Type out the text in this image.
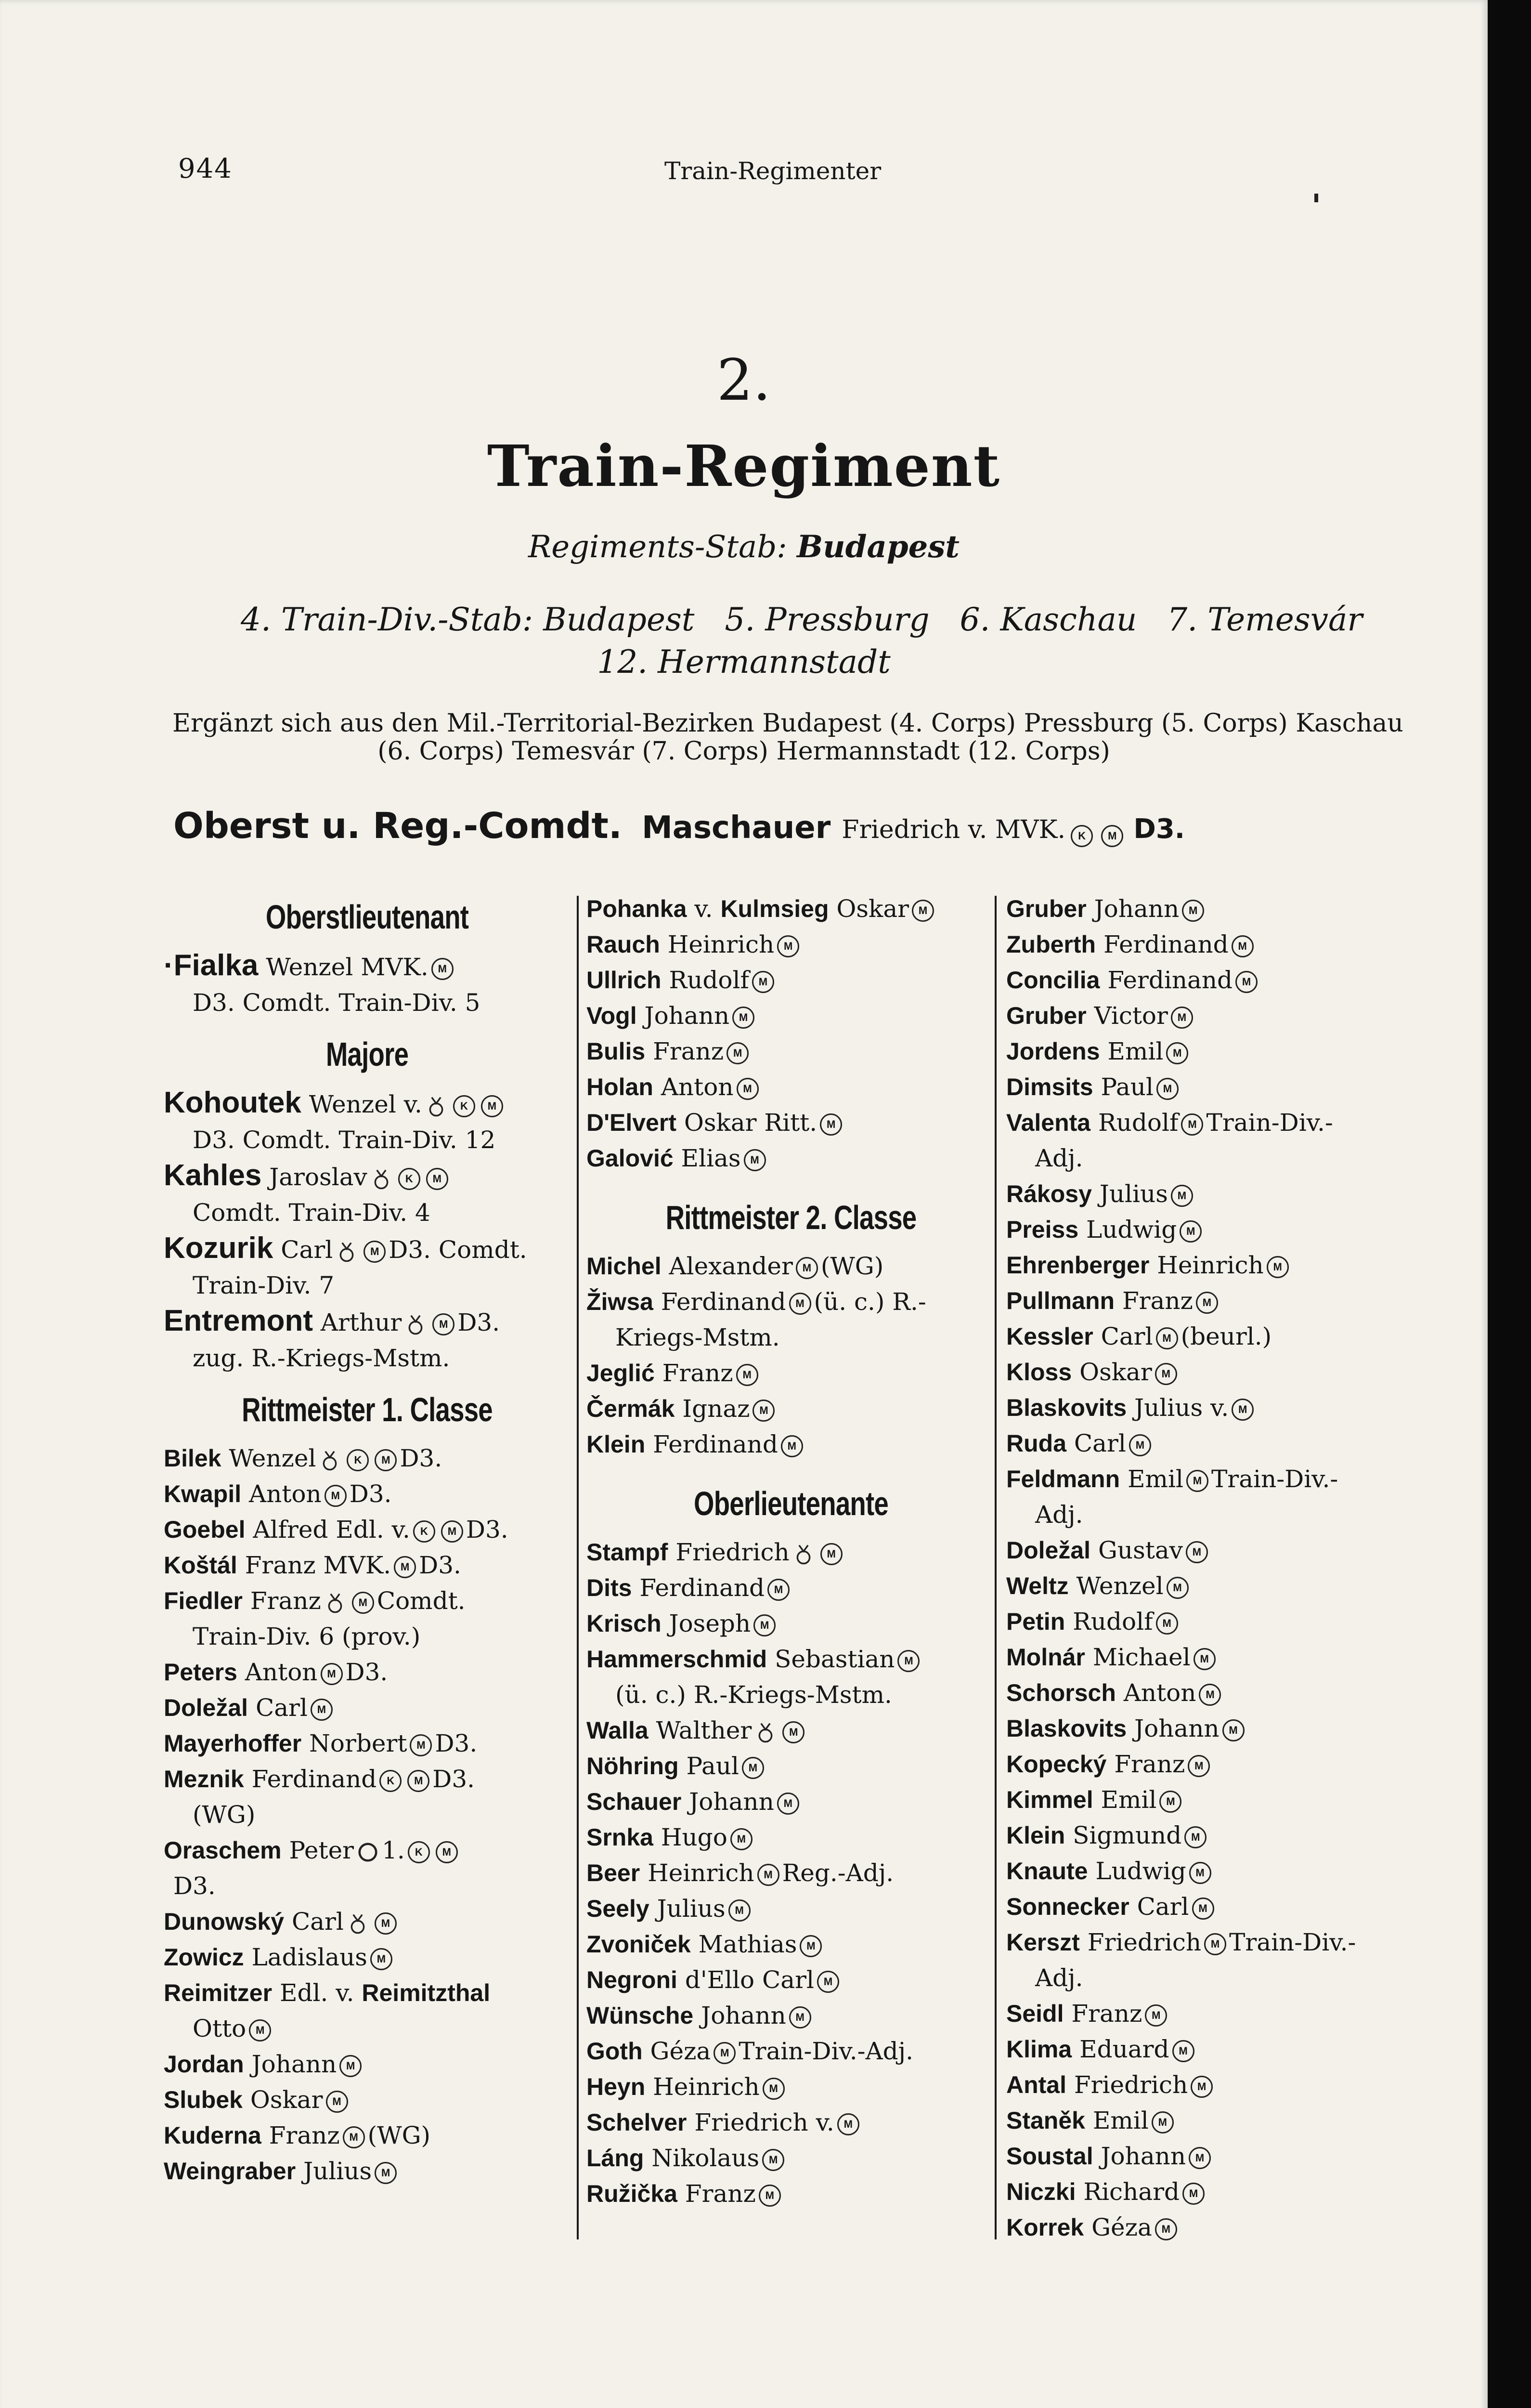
944	Train-Regimenter
2.
Train-Regiment
Regiments-Stab: Budapest
4. Train-Div.-Stab: Budapest   5. Pressburg   6. Kaschau   7. Temesvár
12. Hermannstadt
Ergänzt sich aus den Mil.-Territorial-Bezirken Budapest (4. Corps) Pressburg (5. Corps) Kaschau
(6. Corps) Temesvár (7. Corps) Hermannstadt (12. Corps)
Oberst u. Reg.-Comdt. Maschauer Friedrich v. MVK. K M D3.
Oberstlieutenant
·Fialka Wenzel MVK. M
D3. Comdt. Train-Div. 5
Majore
Kohoutek Wenzel v.	K M
D3. Comdt. Train-Div. 12
Kahles Jaroslav	K M
Comdt. Train-Div. 4
Kozurik Carl	M D3. Comdt.
Train-Div. 7
Entremont Arthur	M D3.
zug. R.-Kriegs-Mstm.
Rittmeister 1. Classe
Bilek Wenzel	K M D3.
Kwapil Anton M D3.
Goebel Alfred Edl. v. K M D3.
Koštál Franz MVK. M D3.
Fiedler Franz	M Comdt.
Train-Div. 6 (prov.)
Peters Anton M D3.
Doležal Carl M
Mayerhoffer Norbert M D3.
Meznik Ferdinand K M D3.
(WG)
Oraschem Peter 1. K M
D3.
Dunowský Carl	M
Zowicz Ladislaus M
Reimitzer Edl. v. Reimitzthal
Otto M
Jordan Johann M
Slubek Oskar M
Kuderna Franz M (WG)
Weingraber Julius M
Pohanka v. Kulmsieg Oskar M
Rauch Heinrich M
Ullrich Rudolf M
Vogl Johann M
Bulis Franz M
Holan Anton M
D'Elvert Oskar Ritt. M
Galović Elias M
Rittmeister 2. Classe
Michel Alexander M (WG)
Žiwsa Ferdinand M (ü. c.) R.-
Kriegs-Mstm.
Jeglić Franz M
Čermák Ignaz M
Klein Ferdinand M
Oberlieutenante
Stampf Friedrich	M
Dits Ferdinand M
Krisch Joseph M
Hammerschmid Sebastian M
(ü. c.) R.-Kriegs-Mstm.
Walla Walther	M
Nöhring Paul M
Schauer Johann M
Srnka Hugo M
Beer Heinrich M Reg.-Adj.
Seely Julius M
Zvoniček Mathias M
Negroni d'Ello Carl M
Wünsche Johann M
Goth Géza M Train-Div.-Adj.
Heyn Heinrich M
Schelver Friedrich v. M
Láng Nikolaus M
Ružička Franz M
Gruber Johann M
Zuberth Ferdinand M
Concilia Ferdinand M
Gruber Victor M
Jordens Emil M
Dimsits Paul M
Valenta Rudolf M Train-Div.-
Adj.
Rákosy Julius M
Preiss Ludwig M
Ehrenberger Heinrich M
Pullmann Franz M
Kessler Carl M (beurl.)
Kloss Oskar M
Blaskovits Julius v. M
Ruda Carl M
Feldmann Emil M Train-Div.-
Adj.
Doležal Gustav M
Weltz Wenzel M
Petin Rudolf M
Molnár Michael M
Schorsch Anton M
Blaskovits Johann M
Kopecký Franz M
Kimmel Emil M
Klein Sigmund M
Knaute Ludwig M
Sonnecker Carl M
Kerszt Friedrich M Train-Div.-
Adj.
Seidl Franz M
Klima Eduard M
Antal Friedrich M
Staněk Emil M
Soustal Johann M
Niczki Richard M
Korrek Géza M
